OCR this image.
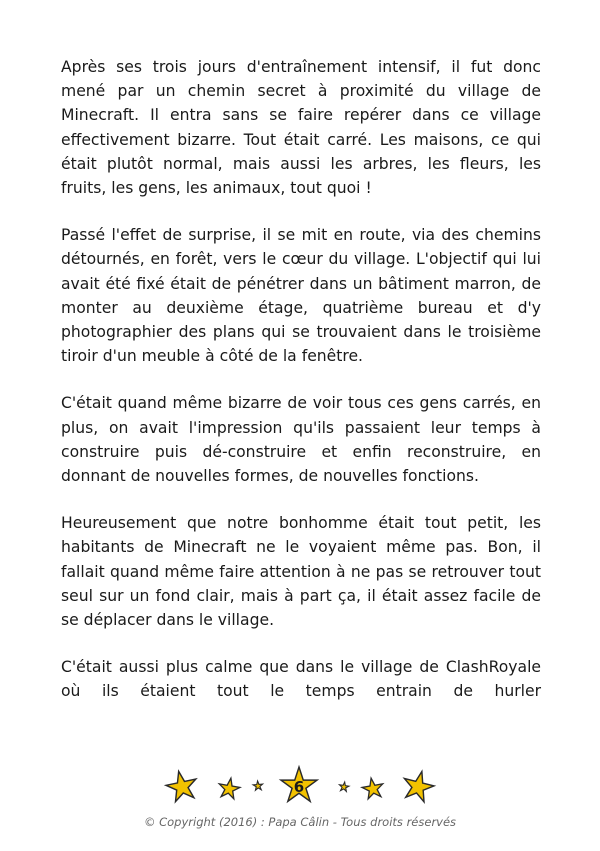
Après ses trois jours d'entraînement intensif, il fut donc mené par un chemin secret à proximité du village de Minecraft. Il entra sans se faire repérer dans ce village effectivement bizarre. Tout était carré. Les maisons, ce qui était plutôt normal, mais aussi les arbres, les fleurs, les fruits, les gens, les animaux, tout quoi !

Passé l'effet de surprise, il se mit en route, via des chemins détournés, en forêt, vers le cœur du village. L'objectif qui lui avait été fixé était de pénétrer dans un bâtiment marron, de monter au deuxième étage, quatrième bureau et d'y photographier des plans qui se trouvaient dans le troisième tiroir d'un meuble à côté de la fenêtre.

C'était quand même bizarre de voir tous ces gens carrés, en plus, on avait l'impression qu'ils passaient leur temps à construire puis dé-construire et enfin reconstruire, en donnant de nouvelles formes, de nouvelles fonctions.

Heureusement que notre bonhomme était tout petit, les habitants de Minecraft ne le voyaient même pas. Bon, il fallait quand même faire attention à ne pas se retrouver tout seul sur un fond clair, mais à part ça, il était assez facile de se déplacer dans le village.

C'était aussi plus calme que dans le village de ClashRoyale où ils étaient tout le temps entrain de hurler

6
© Copyright (2016) : Papa Câlin - Tous droits réservés
